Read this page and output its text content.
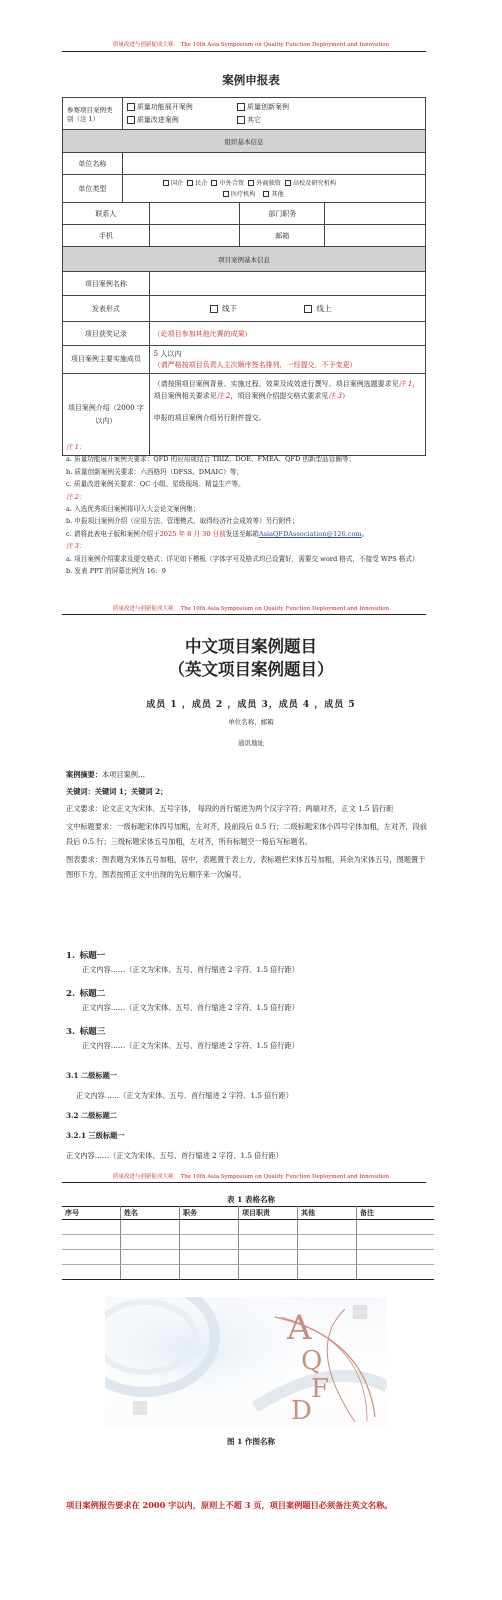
质量改进与创新促成大赛。 The 10th Asia Symposium on Quality Function Deployment and Innovation
案例申报表
参赛项目案例类别（注 1）	质量功能展开案例 质量创新案例
质量改进案例 其它			
组织基本信息				
单位名称				
单位类型	国企 民企 中外合资 外商独资 高校及研究机构
医疗机构 其他			
联系人			部门职务	
手机			邮箱	
项目案例基本信息				
项目案例名称				
发表形式		线下 线上		
项目获奖记录		（论项目参加其他比赛的成果）		
项目案例主要实施成员		5 人以内
（请严格按项目负责人主次顺序签名排列，一经提交，不予变更）		

项目案例介绍（2000 字以内）		（请按照项目案例背景、实施过程、效果及成效进行撰写。项目案例选题要求见注 1，项目案例相关要求见注 2，项目案例介绍提交格式要求见注 3）
申报的项目案例介绍另行附件提交。		
注 1：
a. 质量功能展开案例关要求：QFD 的应用或结合 TRIZ、DOE、FMEA、QFD 创新型品管圈等；
b. 质量创新案例关要求：六西格玛（DFSS、DMAIC）等；
c. 质量改进案例关要求：QC 小组、星级现场、精益生产等。
注 2：
a. 入选优秀项目案例将印入大会论文案例集；
b. 申报项目案例介绍（应用方法、管理模式、取得经济社会成效等）另行附件；
c. 请将此表电子版和案例介绍于2025 年 8 月 30 日前发送至邮箱AsiaQFDAssociation@126.com。
注 3：
a. 项目案例介绍要求及提交格式：详见如下模板（字体字号及格式均已设置好，需要交 word 格式，不接受 WPS 格式）
b. 发表 PPT 的屏幕比例为 16：9
质量改进与创新促成大赛。 The 10th Asia Symposium on Quality Function Deployment and Innovation
中文项目案例题目
（英文项目案例题目）
成员 1 ，成员 2 ，成员 3，成员 4 ，成员 5
单位名称，邮箱
通讯地址
案例摘要：本项目案例…
关键词：关键词 1；关键词 2；
正文要求：论文正文为宋体、五号字体， 每段的首行缩进为两个汉字字符；两端对齐，正文 1.5 倍行距
文中标题要求：一级标题宋体四号加粗，左对齐，段前段后 0.5 行；二级标题宋体小四号字体加粗，左对齐，段前段后 0.5 行；三级标题宋体五号加粗，左对齐，所有标题空一格后写标题名。
图表要求：图表题为宋体五号加粗，居中，表题置于表上方，表标题栏宋体五号加粗，其余为宋体五号，图题置于图形下方，图表按照正文中出现的先后顺序来一次编号。
1. 标题一
正文内容……（正文为宋体、五号、首行缩进 2 字符、1.5 倍行距）
2. 标题二
正文内容……（正文为宋体、五号、首行缩进 2 字符、1.5 倍行距）
3. 标题三
正文内容……（正文为宋体、五号、首行缩进 2 字符、1.5 倍行距）
3.1 二级标题一
正文内容……（正文为宋体、五号、首行缩进 2 字符、1.5 倍行距）
3.2 二级标题二
3.2.1 三级标题一
正文内容……（正文为宋体、五号、首行缩进 2 字符、1.5 倍行距）
质量改进与创新促成大赛。 The 10th Asia Symposium on Quality Function Deployment and Innovation
表 1 表格名称
序号	姓名	职务	项目职责	其他	备注

A
Q
F
D
图 1 作图名称
项目案例报告要求在 2000 字以内，原则上不超 3 页，项目案例题目必须备注英文名称。
